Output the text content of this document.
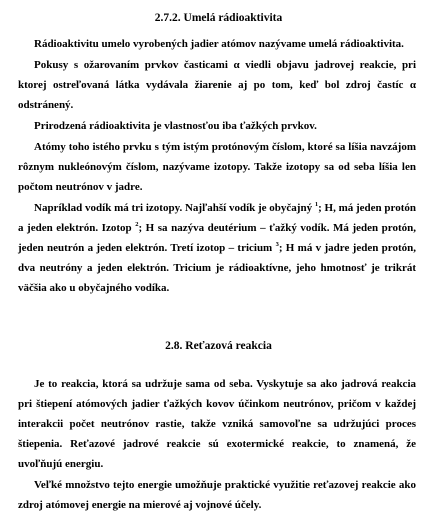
2.7.2. Umelá rádioaktivita

Rádioaktivitu umelo vyrobených jadier atómov nazývame umelá rádioaktivita.

Pokusy s ožarovaním prvkov časticami α viedli objavu jadrovej reakcie, pri ktorej ostreľovaná látka vydávala žiarenie aj po tom, keď bol zdroj častíc α odstránený.

Prirodzená rádioaktivita je vlastnosťou iba ťažkých prvkov.

Atómy toho istého prvku s tým istým protónovým číslom, ktoré sa líšia navzájom rôznym nukleónovým číslom, nazývame izotopy. Takže izotopy sa od seba líšia len počtom neutrónov v jadre.

Napríklad vodík má tri izotopy. Najľahší vodík je obyčajný $^1$; H, má jeden protón a jeden elektrón. Izotop $^2$; H sa nazýva deutérium – ťažký vodík. Má jeden protón, jeden neutrón a jeden elektrón. Tretí izotop – tricium $^3$; H má v jadre jeden protón, dva neutróny a jeden elektrón. Tricium je rádioaktívne, jeho hmotnosť je trikrát väčšia ako u obyčajného vodíka.

2.8. Reťazová reakcia

Je to reakcia, ktorá sa udržuje sama od seba. Vyskytuje sa ako jadrová reakcia pri štiepení atómových jadier ťažkých kovov účinkom neutrónov, pričom v každej interakcii počet neutrónov rastie, takže vzniká samovoľne sa udržujúci proces štiepenia. Reťazové jadrové reakcie sú exotermické reakcie, to znamená, že uvoľňujú energiu.

Veľké množstvo tejto energie umožňuje praktické využitie reťazovej reakcie ako zdroj atómovej energie na mierové aj vojnové účely.
